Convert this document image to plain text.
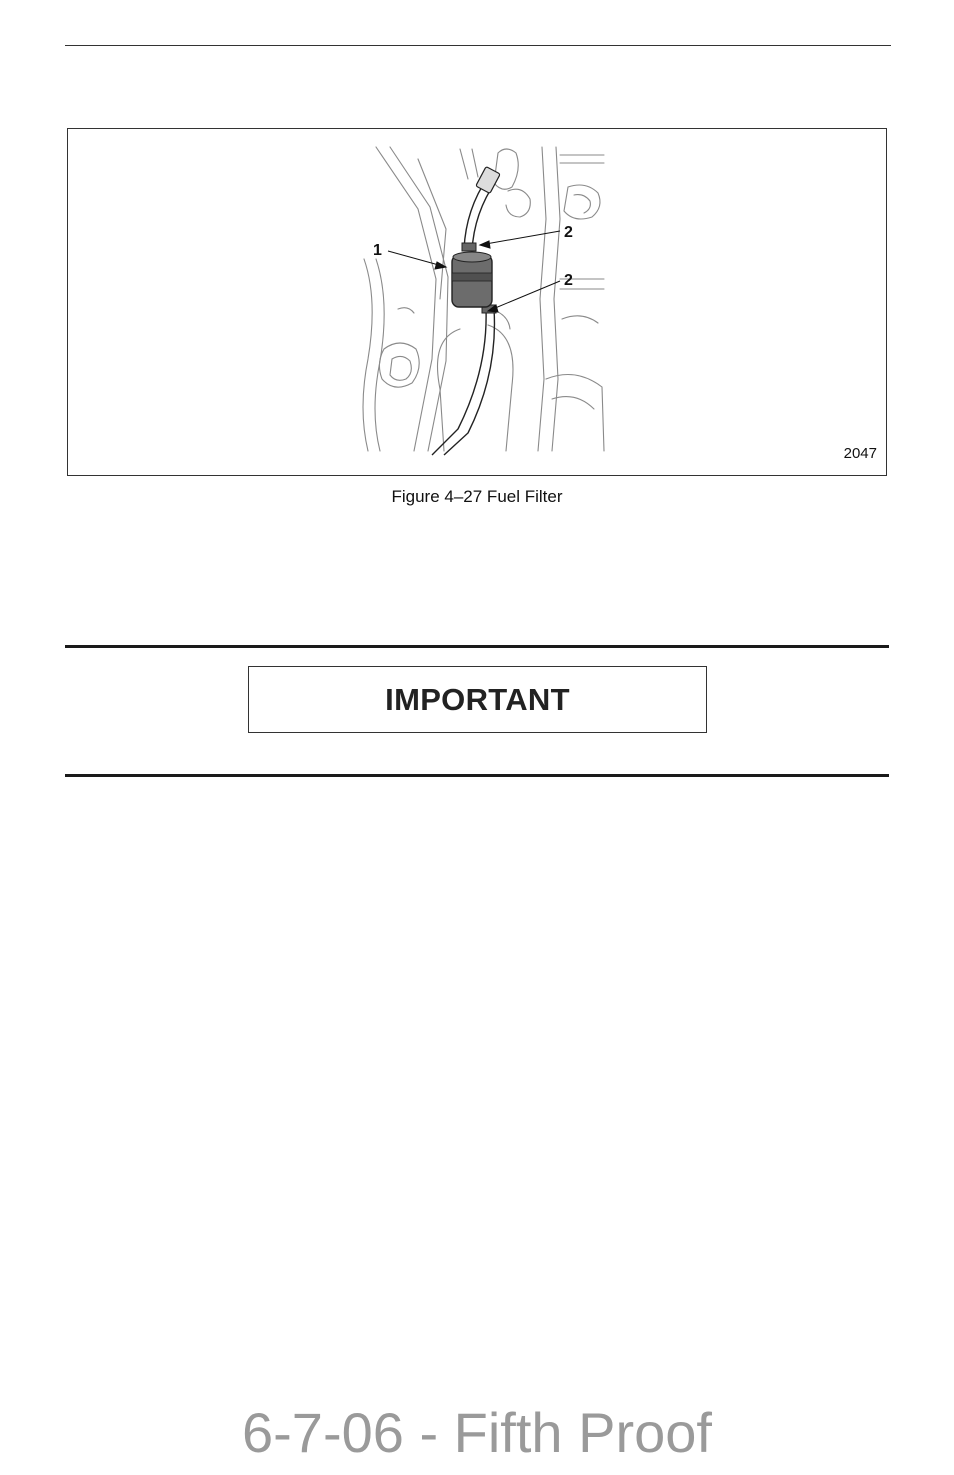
1
2
2
2047
Figure 4–27 Fuel Filter
IMPORTANT
6-7-06 - Fifth Proof
